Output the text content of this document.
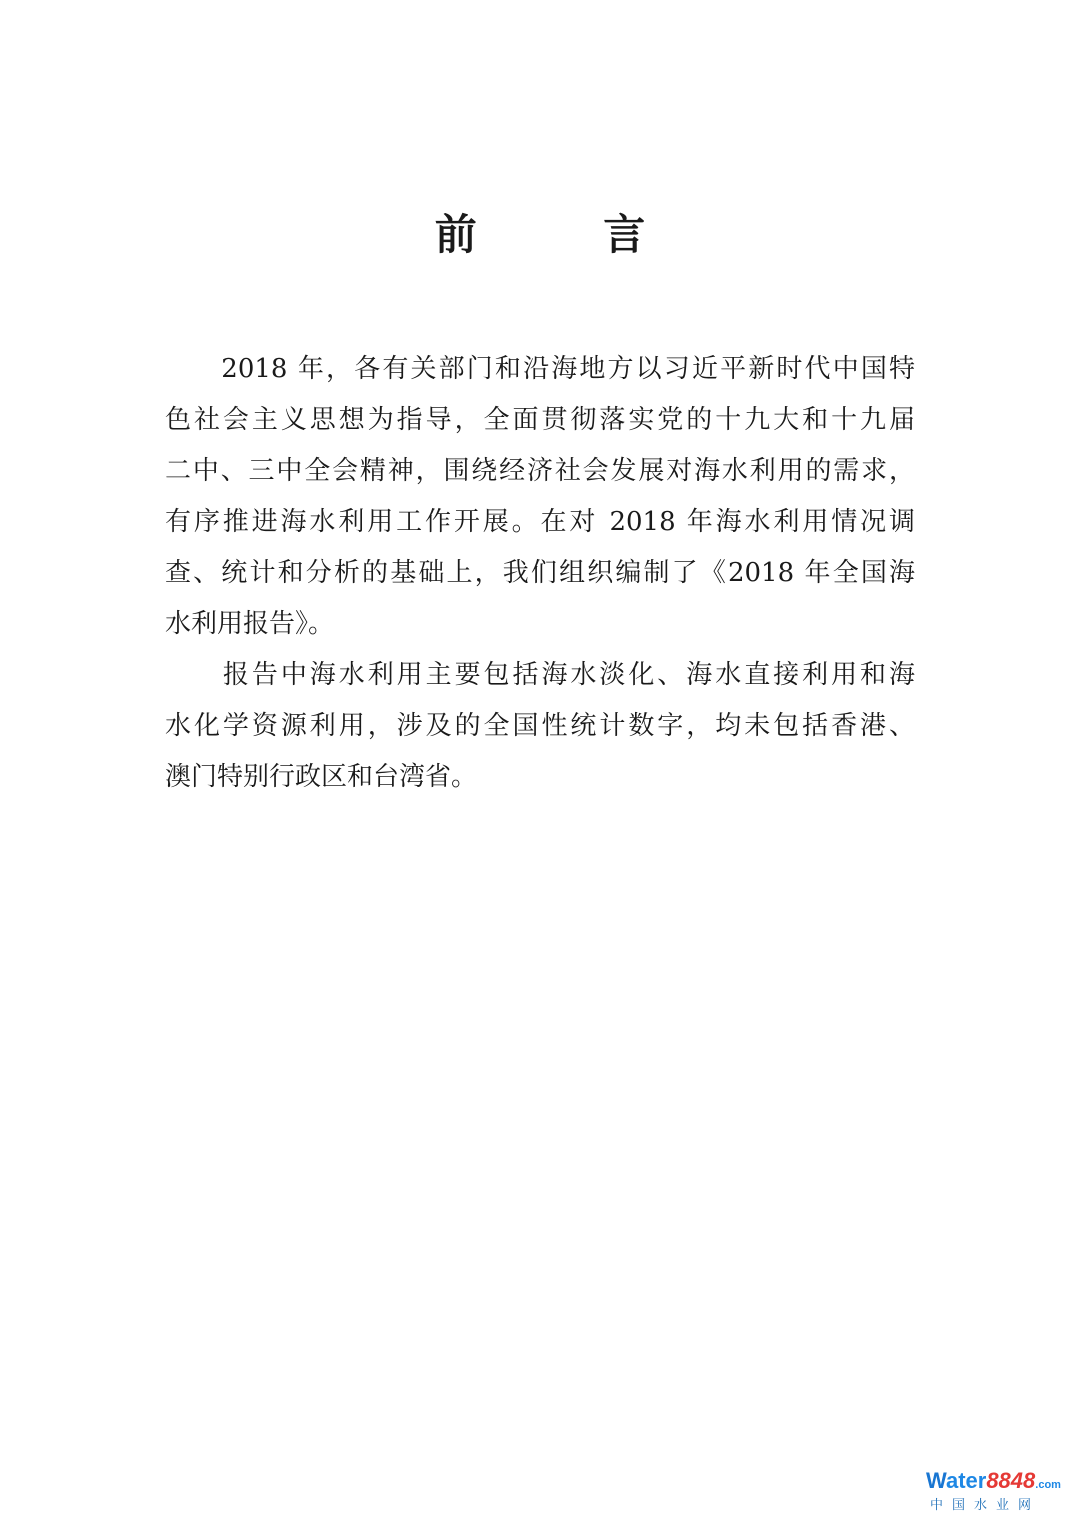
前 言
　　2018 年，各有关部门和沿海地方以习近平新时代中国特
色社会主义思想为指导，全面贯彻落实党的十九大和十九届
二中、三中全会精神，围绕经济社会发展对海水利用的需求，
有序推进海水利用工作开展。在对 2018 年海水利用情况调
查、统计和分析的基础上，我们组织编制了《2018 年全国海
水利用报告》。
　　报告中海水利用主要包括海水淡化、海水直接利用和海
水化学资源利用，涉及的全国性统计数字，均未包括香港、
澳门特别行政区和台湾省。
Water8848.com
中国水业网
